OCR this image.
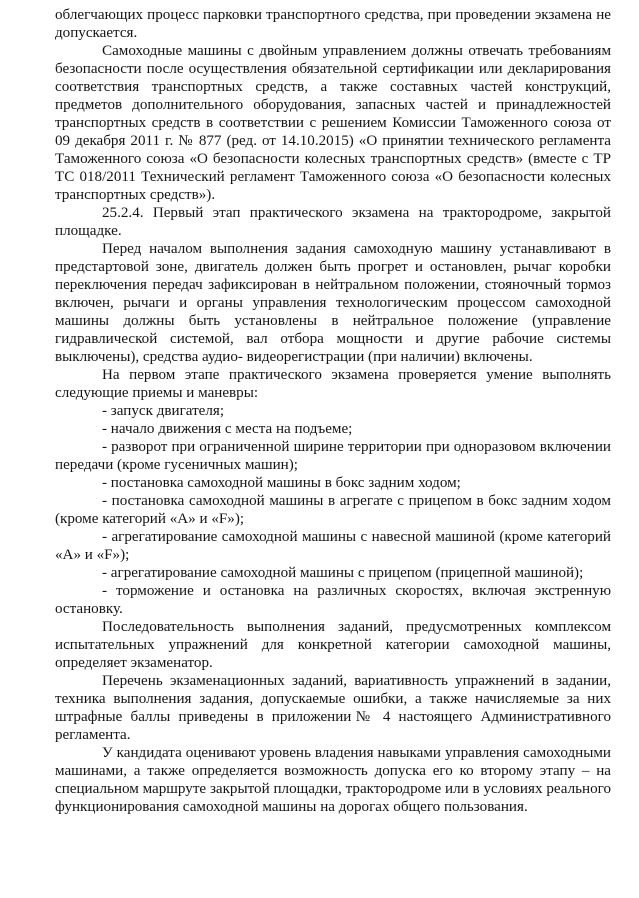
облегчающих процесс парковки транспортного средства, при проведении экзамена не допускается.

Самоходные машины с двойным управлением должны отвечать требованиям безопасности после осуществления обязательной сертификации или декларирования соответствия транспортных средств, а также составных частей конструкций, предметов дополнительного оборудования, запасных частей и принадлежностей транспортных средств в соответствии с решением Комиссии Таможенного союза от 09 декабря 2011 г. № 877 (ред. от 14.10.2015) «О принятии технического регламента Таможенного союза «О безопасности колесных транспортных средств» (вместе с ТР ТС 018/2011 Технический регламент Таможенного союза «О безопасности колесных транспортных средств»).

25.2.4. Первый этап практического экзамена на трактородроме, закрытой площадке.

Перед началом выполнения задания самоходную машину устанавливают в предстартовой зоне, двигатель должен быть прогрет и остановлен, рычаг коробки переключения передач зафиксирован в нейтральном положении, стояночный тормоз включен, рычаги и органы управления технологическим процессом самоходной машины должны быть установлены в нейтральное положение (управление гидравлической системой, вал отбора мощности и другие рабочие системы выключены), средства аудио- видеорегистрации (при наличии) включены.

На первом этапе практического экзамена проверяется умение выполнять следующие приемы и маневры:

- запуск двигателя;

- начало движения с места на подъеме;

- разворот при ограниченной ширине территории при одноразовом включении передачи (кроме гусеничных машин);

- постановка самоходной машины в бокс задним ходом;

- постановка самоходной машины в агрегате с прицепом в бокс задним ходом (кроме категорий «А» и «F»);

- агрегатирование самоходной машины с навесной машиной (кроме категорий «А» и «F»);

- агрегатирование самоходной машины с прицепом (прицепной машиной);

- торможение и остановка на различных скоростях, включая экстренную остановку.

Последовательность выполнения заданий, предусмотренных комплексом испытательных упражнений для конкретной категории самоходной машины, определяет экзаменатор.

Перечень экзаменационных заданий, вариативность упражнений в задании, техника выполнения задания, допускаемые ошибки, а также начисляемые за них штрафные баллы приведены в приложении№ 4 настоящего Административного регламента.

У кандидата оценивают уровень владения навыками управления самоходными машинами, а также определяется возможность допуска его ко второму этапу – на специальном маршруте закрытой площадки, трактородроме или в условиях реального функционирования самоходной машины на дорогах общего пользования.
